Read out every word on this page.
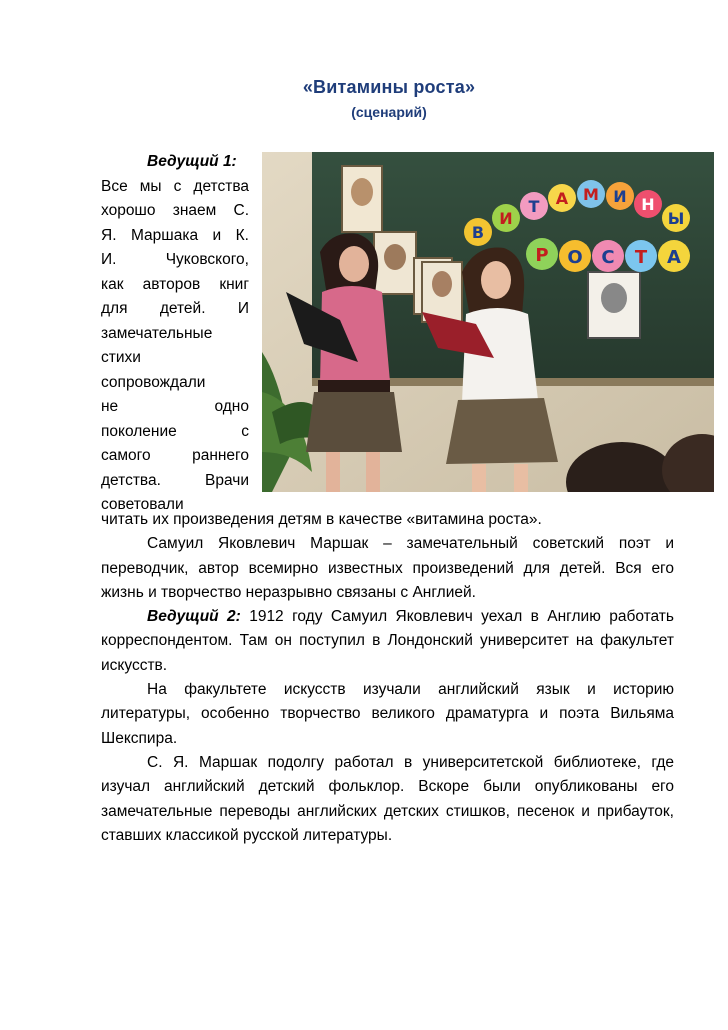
«Витамины роста»
(сценарий)
Ведущий 1:
Все мы с детства
хорошо знаем С.
Я. Маршака и К.
И. Чуковского,
как авторов книг
для детей. И
замечательные
стихи
сопровождали
не одно
поколение с
самого раннего
детства. Врачи
советовали
В
И
Т А М И Н
Ы
Р О С Т А

читать их произведения детям в качестве «витамина роста».

Самуил Яковлевич Маршак – замечательный советский поэт и переводчик, автор всемирно известных произведений для детей. Вся его жизнь и творчество неразрывно связаны с Англией.

Ведущий 2: 1912 году Самуил Яковлевич уехал в Англию работать корреспондентом. Там он поступил в Лондонский университет на факультет искусств.

На факультете искусств изучали английский язык и историю литературы, особенно творчество великого драматурга и поэта Вильяма Шекспира.

С. Я. Маршак подолгу работал в университетской библиотеке, где изучал английский детский фольклор. Вскоре были опубликованы его замечательные переводы английских детских стишков, песенок и прибауток, ставших классикой русской литературы.
